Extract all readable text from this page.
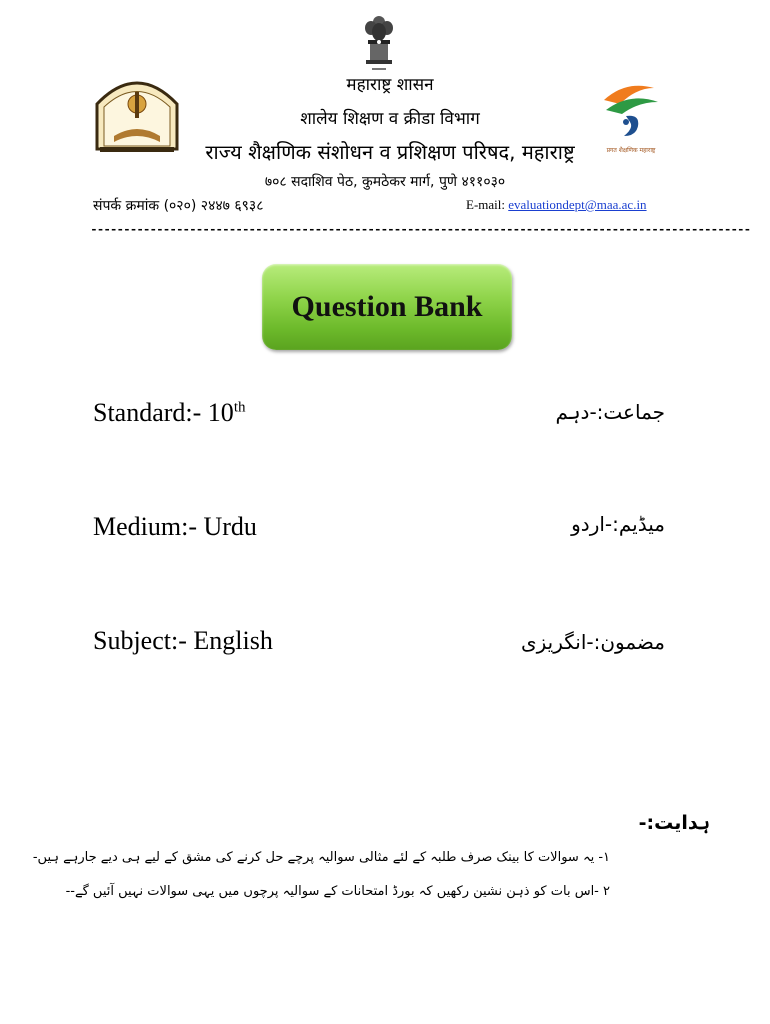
प्रगत शैक्षणिक महाराष्ट्र
महाराष्ट्र शासन
शालेय शिक्षण व क्रीडा विभाग
राज्य शैक्षणिक संशोधन व प्रशिक्षण परिषद, महाराष्ट्र
७०८ सदाशिव पेठ, कुमठेकर मार्ग, पुणे ४११०३०
संपर्क क्रमांक (०२०) २४४७ ६९३८	E-mail: evaluationdept@maa.ac.in
----------------------------------------------------------------------------------------------------
Question Bank
Standard:- 10th	جماعت:-دہم
Medium:- Urdu	میڈیم:-اردو
Subject:- English	مضمون:-انگریزی
ہدایت:-
۱- یہ سوالات کا بینک صرف طلبہ کے لئے مثالی سوالیہ پرچے حل کرنے کی مشق کے لیے ہی دیے جارہے ہیں-
۲ -اس بات کو ذہن نشین رکھیں کہ بورڈ امتحانات کے سوالیہ پرچوں میں یہی سوالات نہیں آئیں گے--
